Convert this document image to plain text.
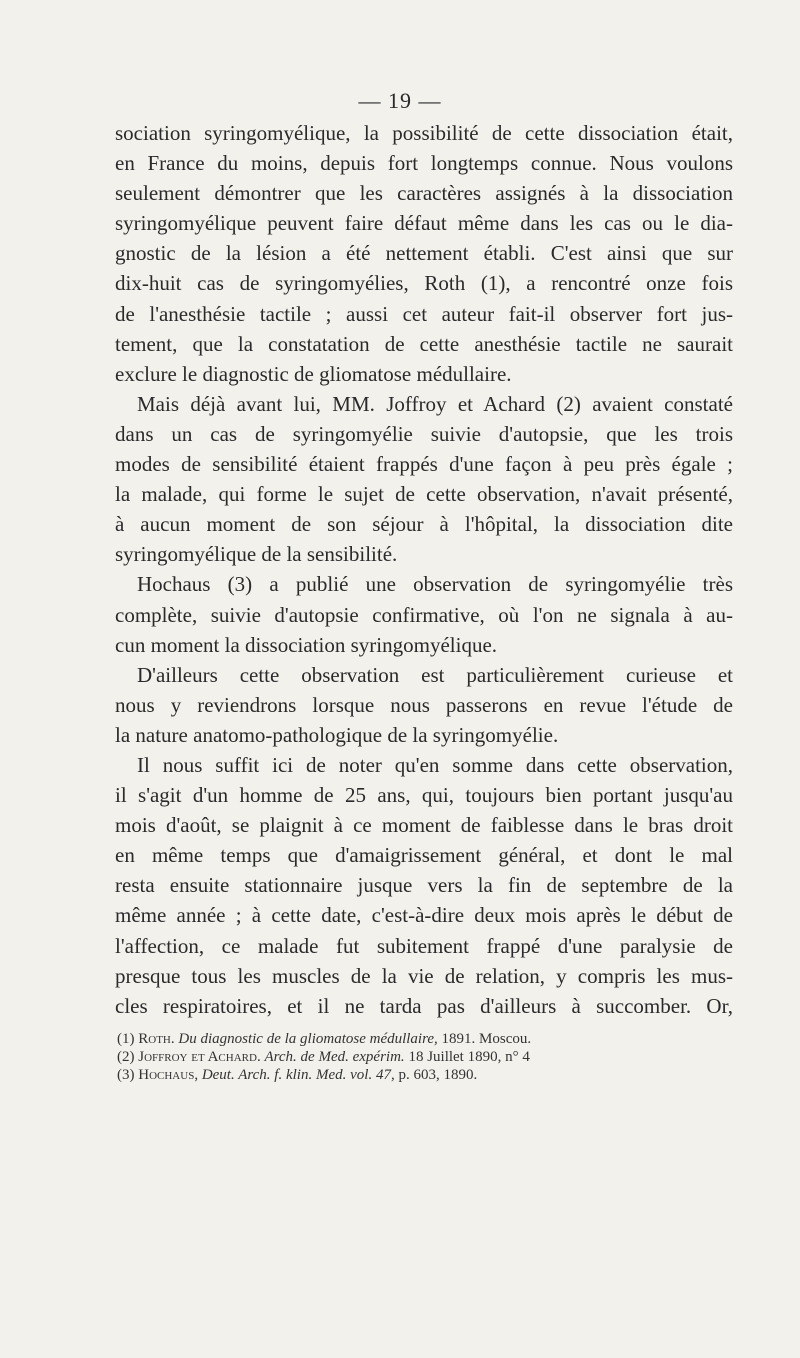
— 19 —
sociation syringomyélique, la possibilité de cette dissociation était,
en France du moins, depuis fort longtemps connue. Nous voulons
seulement démontrer que les caractères assignés à la dissociation
syringomyélique peuvent faire défaut même dans les cas ou le dia-
gnostic de la lésion a été nettement établi. C'est ainsi que sur
dix-huit cas de syringomyélies, Roth (1), a rencontré onze fois
de l'anesthésie tactile ; aussi cet auteur fait-il observer fort jus-
tement, que la constatation de cette anesthésie tactile ne saurait
exclure le diagnostic de gliomatose médullaire.
Mais déjà avant lui, MM. Joffroy et Achard (2) avaient constaté
dans un cas de syringomyélie suivie d'autopsie, que les trois
modes de sensibilité étaient frappés d'une façon à peu près égale ;
la malade, qui forme le sujet de cette observation, n'avait présenté,
à aucun moment de son séjour à l'hôpital, la dissociation dite
syringomyélique de la sensibilité.
Hochaus (3) a publié une observation de syringomyélie très
complète, suivie d'autopsie confirmative, où l'on ne signala à au-
cun moment la dissociation syringomyélique.
D'ailleurs cette observation est particulièrement curieuse et
nous y reviendrons lorsque nous passerons en revue l'étude de
la nature anatomo-pathologique de la syringomyélie.
Il nous suffit ici de noter qu'en somme dans cette observation,
il s'agit d'un homme de 25 ans, qui, toujours bien portant jusqu'au
mois d'août, se plaignit à ce moment de faiblesse dans le bras droit
en même temps que d'amaigrissement général, et dont le mal
resta ensuite stationnaire jusque vers la fin de septembre de la
même année ; à cette date, c'est-à-dire deux mois après le début de
l'affection, ce malade fut subitement frappé d'une paralysie de
presque tous les muscles de la vie de relation, y compris les mus-
cles respiratoires, et il ne tarda pas d'ailleurs à succomber. Or,
(1) Roth. Du diagnostic de la gliomatose médullaire, 1891. Moscou.
(2) Joffroy et Achard. Arch. de Med. expérim. 18 Juillet 1890, n° 4
(3) Hochaus, Deut. Arch. f. klin. Med. vol. 47, p. 603, 1890.
